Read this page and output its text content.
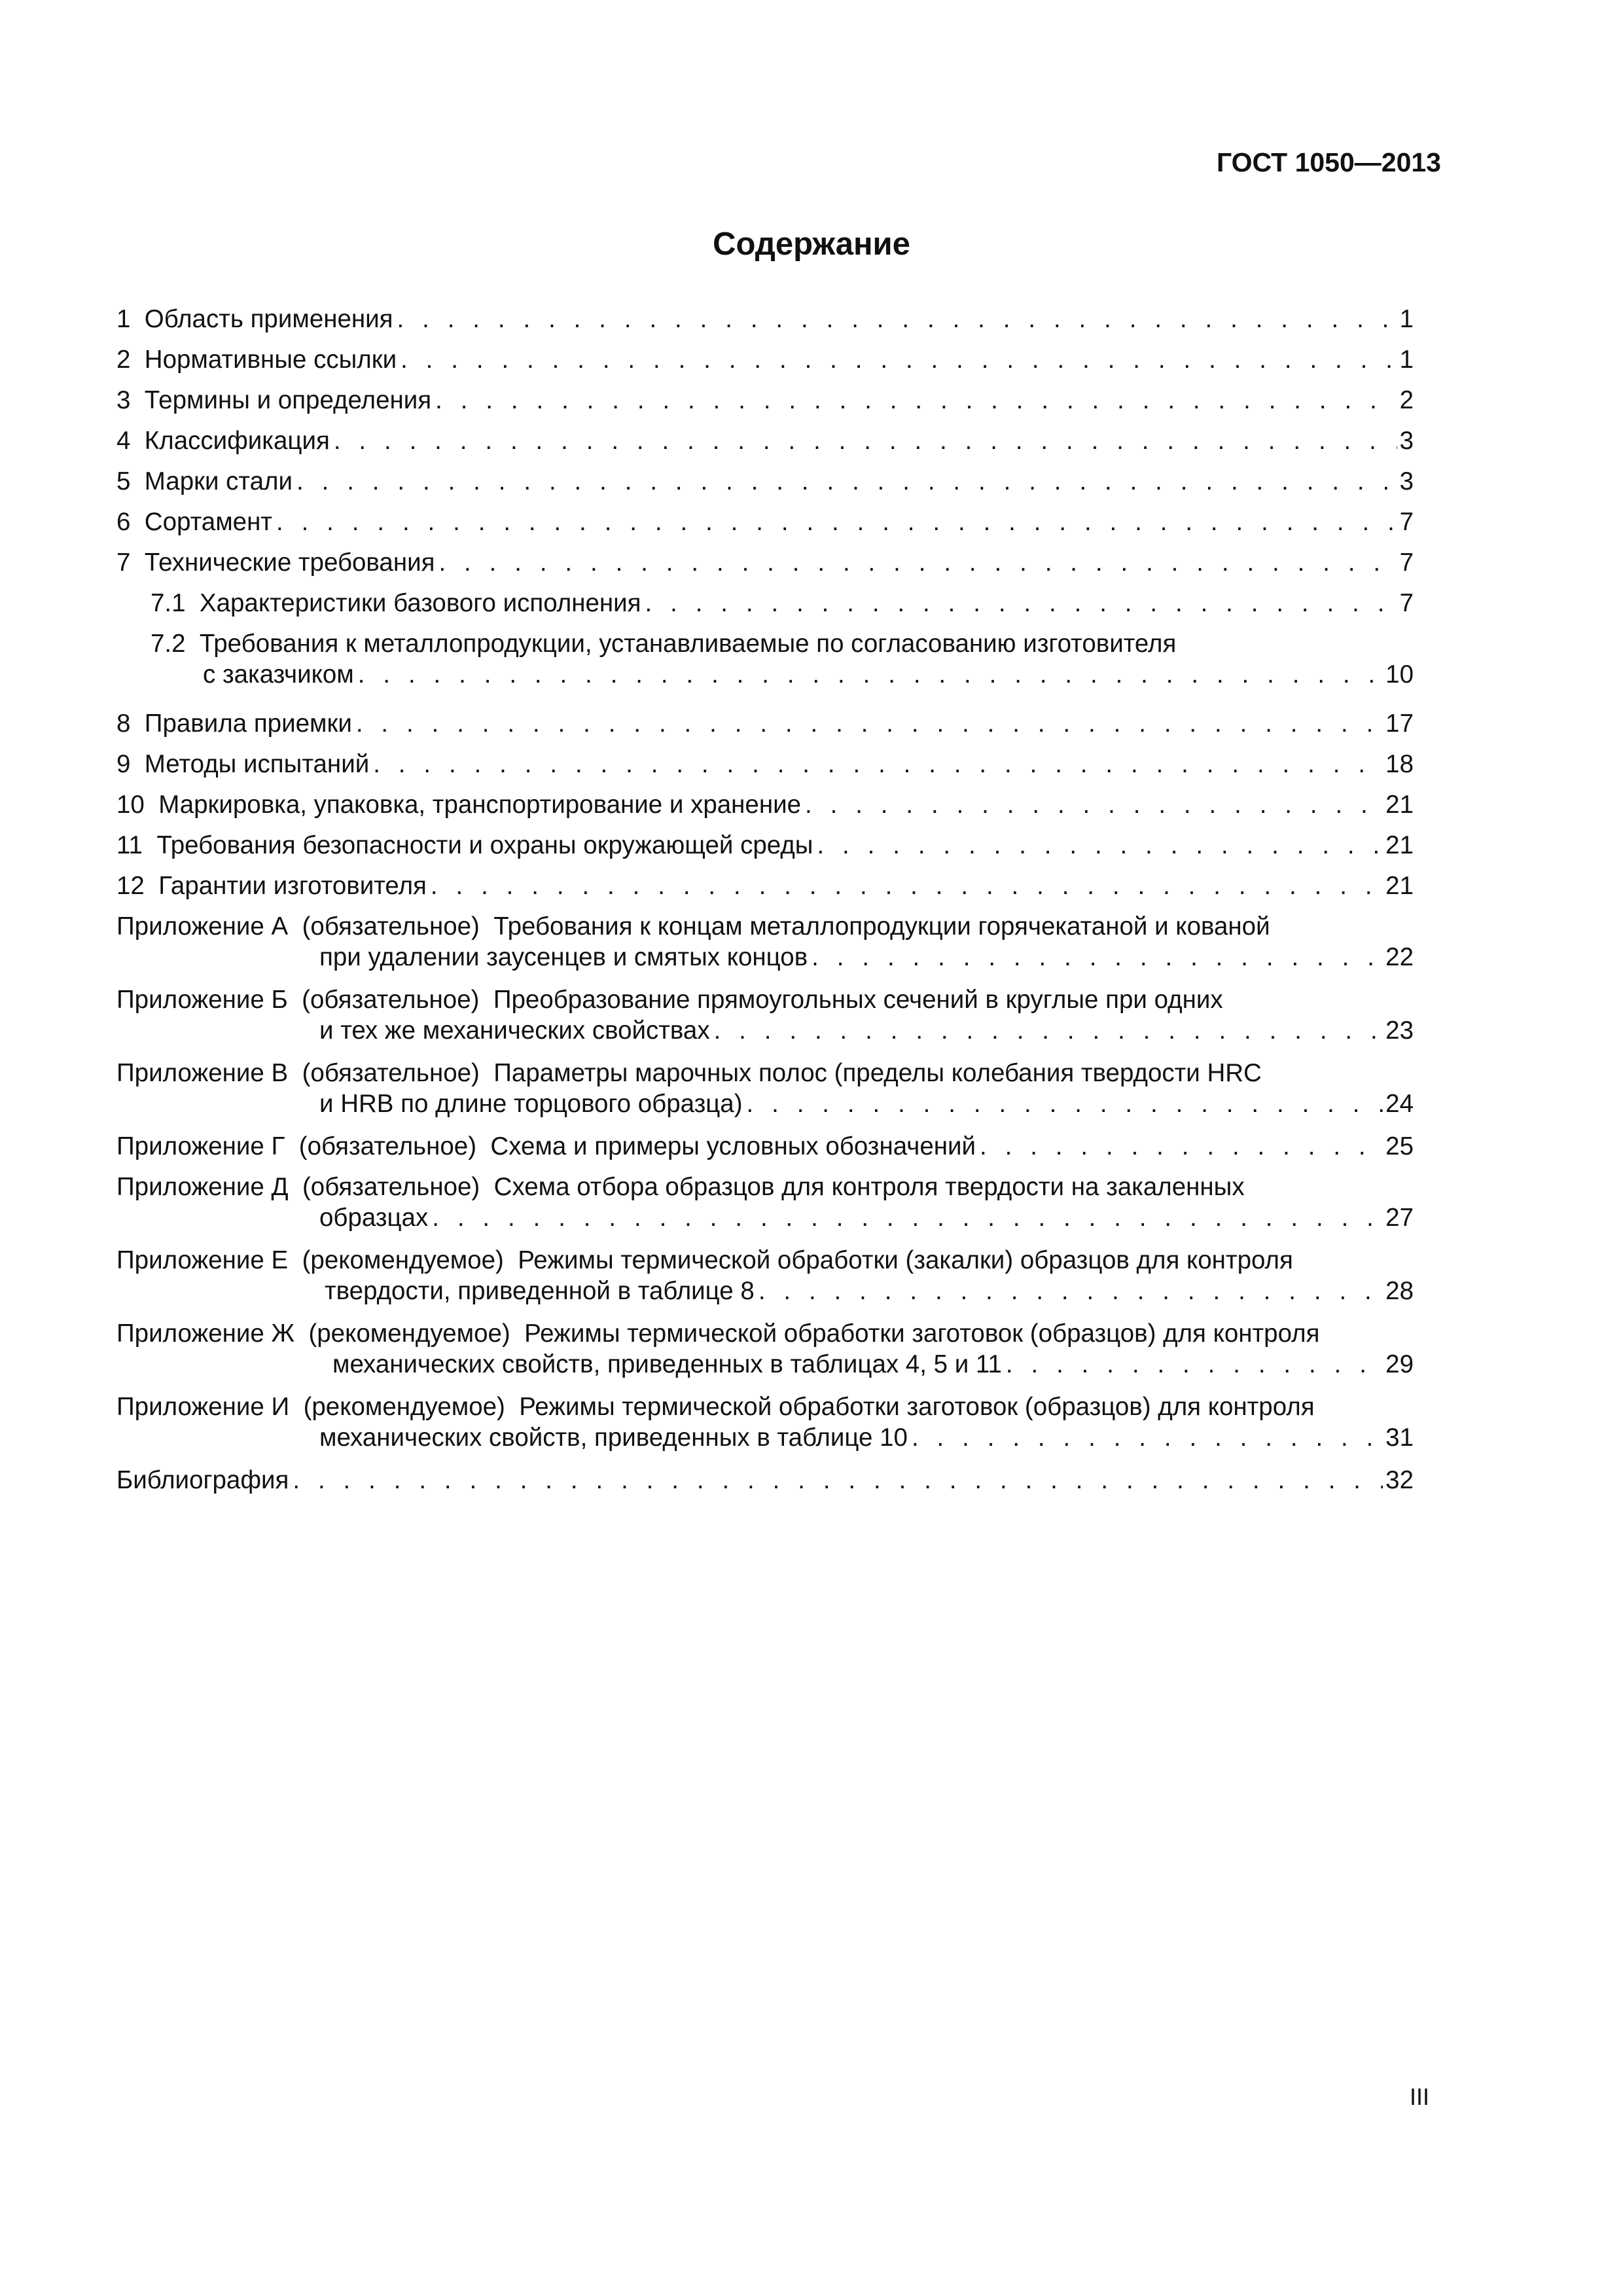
ГОСТ 1050—2013
Содержание
1  Область применения . . .	1
2  Нормативные ссылки . . .	1
3  Термины и определения . . .	2
4  Классификация . . .	3
5  Марки стали . . .	3
6  Сортамент . . .	7
7  Технические требования . . .	7
7.1  Характеристики базового исполнения . . .	7
7.2  Требования к металлопродукции, устанавливаемые по согласованию изготовителя
с заказчиком . . .	10
8  Правила приемки . . .	17
9  Методы испытаний . . .	18
10  Маркировка, упаковка, транспортирование и хранение . . .	21
11  Требования безопасности и охраны окружающей среды . . .	21
12  Гарантии изготовителя . . .	21
Приложение А  (обязательное)  Требования к концам металлопродукции горячекатаной и кованой
при удалении заусенцев и смятых концов . . .	22
Приложение Б  (обязательное)  Преобразование прямоугольных сечений в круглые при одних
и тех же механических свойствах . . .	23
Приложение В  (обязательное)  Параметры марочных полос (пределы колебания твердости HRC
и HRB по длине торцового образца) . . .	24
Приложение Г  (обязательное)  Схема и примеры условных обозначений . . .	25
Приложение Д  (обязательное)  Схема отбора образцов для контроля твердости на закаленных
образцах . . .	27
Приложение Е  (рекомендуемое)  Режимы термической обработки (закалки) образцов для контроля
твердости, приведенной в таблице 8 . . .	28
Приложение Ж  (рекомендуемое)  Режимы термической обработки заготовок (образцов) для контроля
механических свойств, приведенных в таблицах 4, 5 и 11 . . .	29
Приложение И  (рекомендуемое)  Режимы термической обработки заготовок (образцов) для контроля
механических свойств, приведенных в таблице 10 . . .	31
Библиография . . .	32
III
